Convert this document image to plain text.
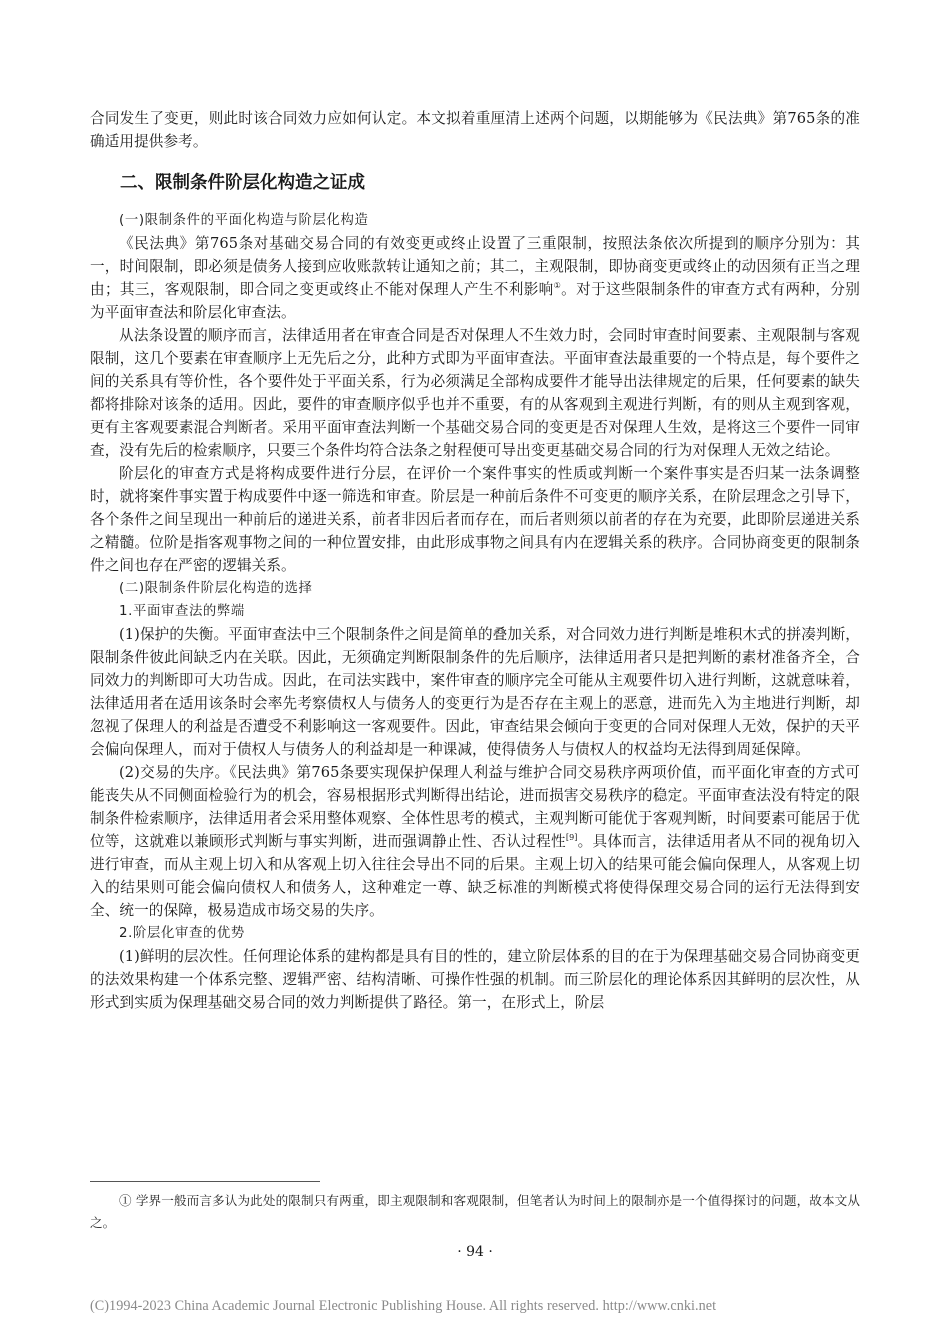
合同发生了变更，则此时该合同效力应如何认定。本文拟着重厘清上述两个问题，以期能够为《民法典》第765条的准确适用提供参考。

二、限制条件阶层化构造之证成
(一)限制条件的平面化构造与阶层化构造

《民法典》第765条对基础交易合同的有效变更或终止设置了三重限制，按照法条依次所提到的顺序分别为：其一，时间限制，即必须是债务人接到应收账款转让通知之前；其二，主观限制，即协商变更或终止的动因须有正当之理由；其三，客观限制，即合同之变更或终止不能对保理人产生不利影响①。对于这些限制条件的审查方式有两种，分别为平面审查法和阶层化审查法。

从法条设置的顺序而言，法律适用者在审查合同是否对保理人不生效力时，会同时审查时间要素、主观限制与客观限制，这几个要素在审查顺序上无先后之分，此种方式即为平面审查法。平面审查法最重要的一个特点是，每个要件之间的关系具有等价性，各个要件处于平面关系，行为必须满足全部构成要件才能导出法律规定的后果，任何要素的缺失都将排除对该条的适用。因此，要件的审查顺序似乎也并不重要，有的从客观到主观进行判断，有的则从主观到客观，更有主客观要素混合判断者。采用平面审查法判断一个基础交易合同的变更是否对保理人生效，是将这三个要件一同审查，没有先后的检索顺序，只要三个条件均符合法条之射程便可导出变更基础交易合同的行为对保理人无效之结论。

阶层化的审查方式是将构成要件进行分层，在评价一个案件事实的性质或判断一个案件事实是否归某一法条调整时，就将案件事实置于构成要件中逐一筛选和审查。阶层是一种前后条件不可变更的顺序关系，在阶层理念之引导下，各个条件之间呈现出一种前后的递进关系，前者非因后者而存在，而后者则须以前者的存在为充要，此即阶层递进关系之精髓。位阶是指客观事物之间的一种位置安排，由此形成事物之间具有内在逻辑关系的秩序。合同协商变更的限制条件之间也存在严密的逻辑关系。

(二)限制条件阶层化构造的选择
1.平面审查法的弊端

(1)保护的失衡。平面审查法中三个限制条件之间是简单的叠加关系，对合同效力进行判断是堆积木式的拼凑判断，限制条件彼此间缺乏内在关联。因此，无须确定判断限制条件的先后顺序，法律适用者只是把判断的素材准备齐全，合同效力的判断即可大功告成。因此，在司法实践中，案件审查的顺序完全可能从主观要件切入进行判断，这就意味着，法律适用者在适用该条时会率先考察债权人与债务人的变更行为是否存在主观上的恶意，进而先入为主地进行判断，却忽视了保理人的利益是否遭受不利影响这一客观要件。因此，审查结果会倾向于变更的合同对保理人无效，保护的天平会偏向保理人，而对于债权人与债务人的利益却是一种课减，使得债务人与债权人的权益均无法得到周延保障。

(2)交易的失序。《民法典》第765条要实现保护保理人利益与维护合同交易秩序两项价值，而平面化审查的方式可能丧失从不同侧面检验行为的机会，容易根据形式判断得出结论，进而损害交易秩序的稳定。平面审查法没有特定的限制条件检索顺序，法律适用者会采用整体观察、全体性思考的模式，主观判断可能优于客观判断，时间要素可能居于优位等，这就难以兼顾形式判断与事实判断，进而强调静止性、否认过程性[9]。具体而言，法律适用者从不同的视角切入进行审查，而从主观上切入和从客观上切入往往会导出不同的后果。主观上切入的结果可能会偏向保理人，从客观上切入的结果则可能会偏向债权人和债务人，这种难定一尊、缺乏标准的判断模式将使得保理交易合同的运行无法得到安全、统一的保障，极易造成市场交易的失序。

2.阶层化审查的优势

(1)鲜明的层次性。任何理论体系的建构都是具有目的性的，建立阶层体系的目的在于为保理基础交易合同协商变更的法效果构建一个体系完整、逻辑严密、结构清晰、可操作性强的机制。而三阶层化的理论体系因其鲜明的层次性，从形式到实质为保理基础交易合同的效力判断提供了路径。第一，在形式上，阶层

① 学界一般而言多认为此处的限制只有两重，即主观限制和客观限制，但笔者认为时间上的限制亦是一个值得探讨的问题，故本文从之。

· 94 ·

(C)1994-2023 China Academic Journal Electronic Publishing House. All rights reserved. http://www.cnki.net
